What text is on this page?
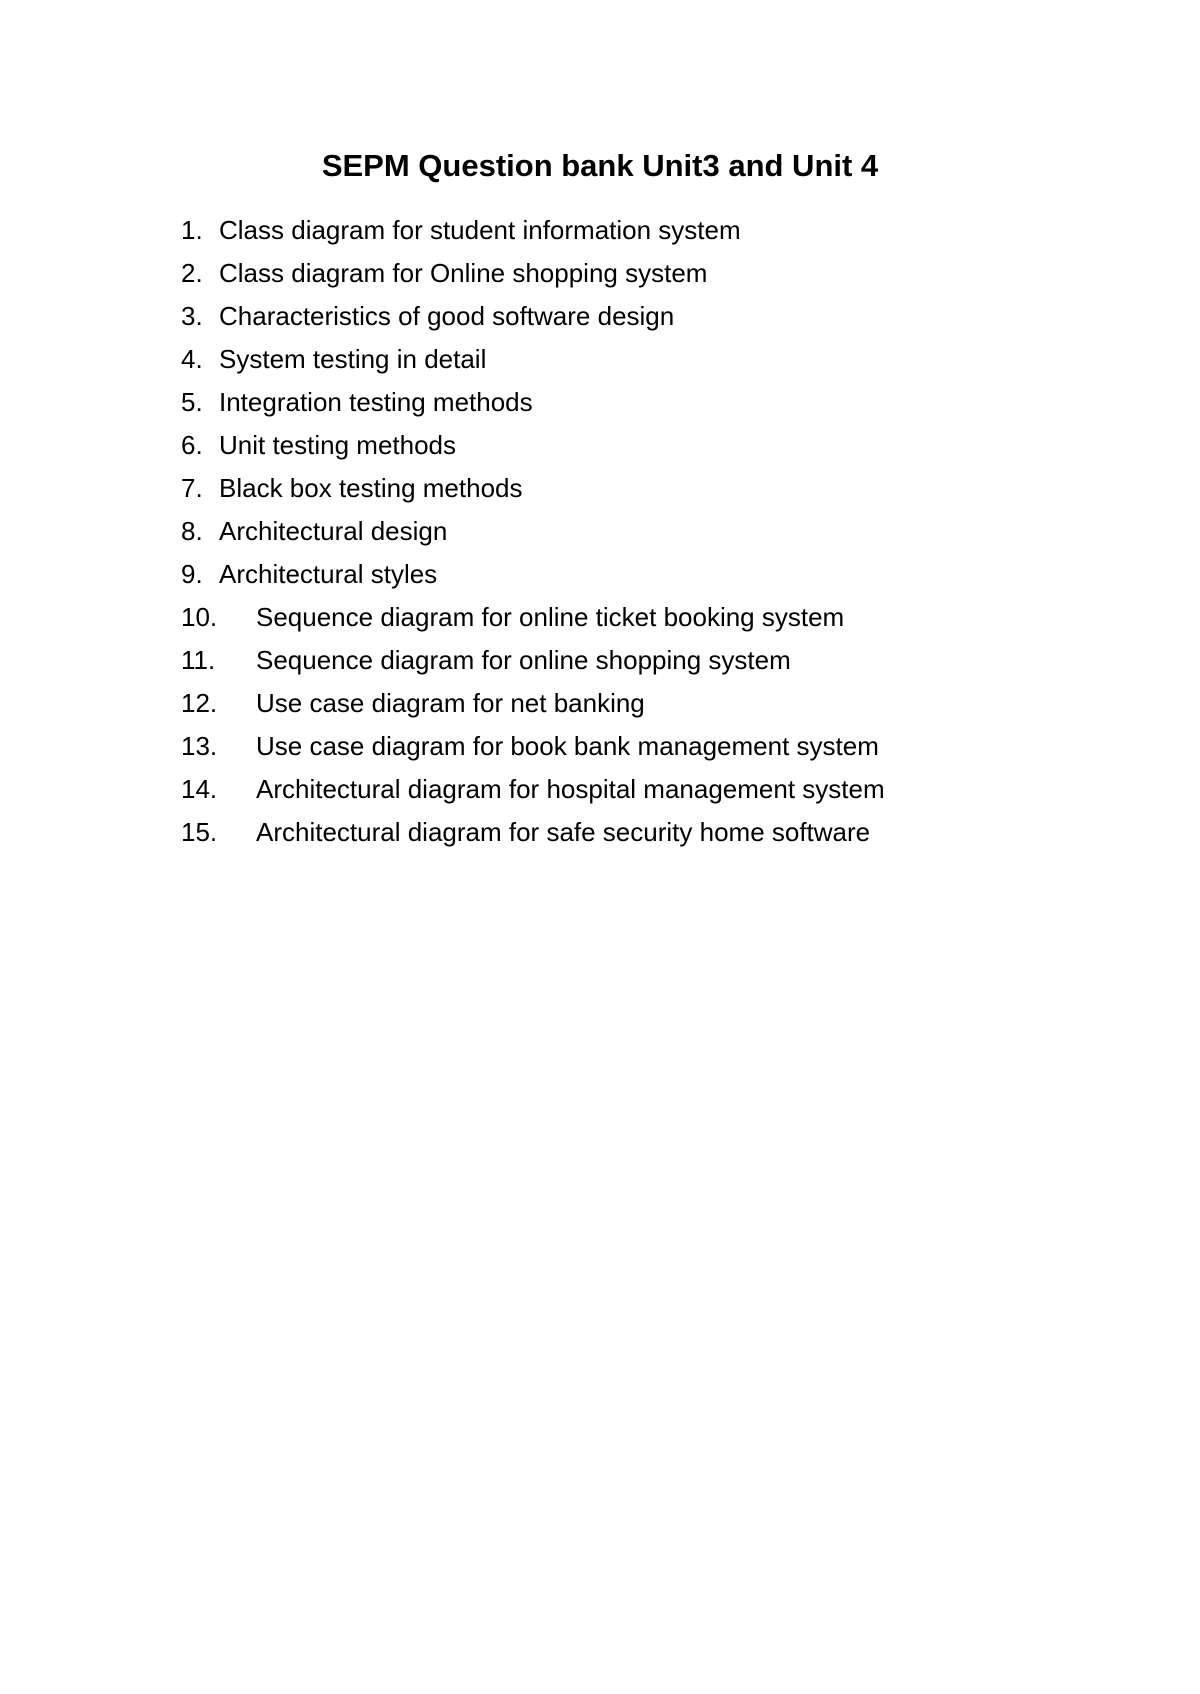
SEPM Question bank Unit3 and Unit 4
1. Class diagram for student information system
2. Class diagram for Online shopping system
3. Characteristics of good software design
4. System testing in detail
5. Integration testing methods
6. Unit testing methods
7. Black box testing methods
8. Architectural design
9. Architectural styles
10. Sequence diagram for online ticket booking system
11. Sequence diagram for online shopping system
12. Use case diagram for net banking
13. Use case diagram for book bank management system
14. Architectural diagram for hospital management system
15. Architectural diagram for safe security home software
